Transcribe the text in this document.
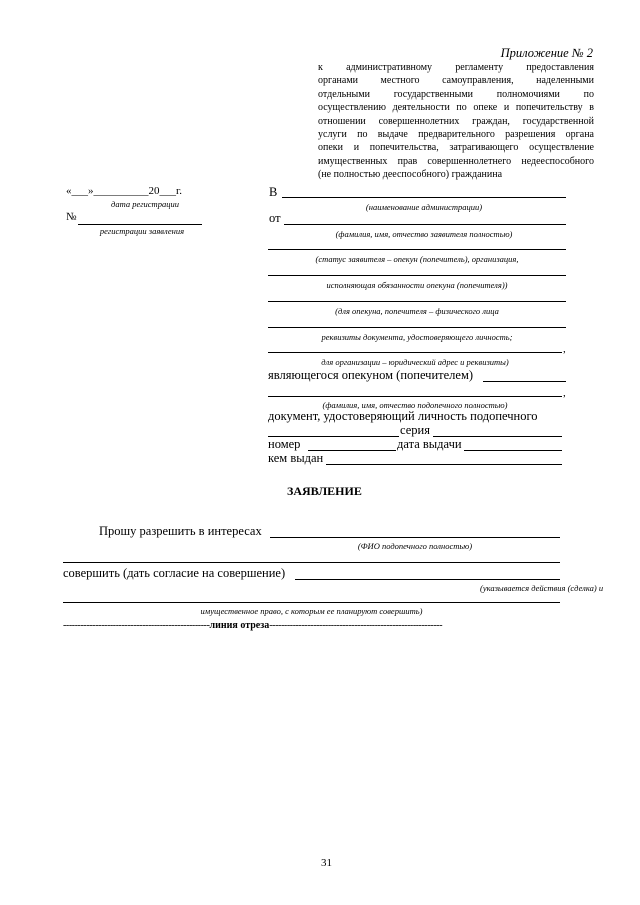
Приложение № 2
к административному регламенту предоставления
органами местного самоуправления, наделенными
отдельными государственными полномочиями по
осуществлению деятельности по опеке и попечительству в
отношении совершеннолетних граждан, государственной
услуги по выдаче предварительного разрешения органа
опеки и попечительства, затрагивающего осуществление
имущественных прав совершеннолетнего недееспособного
(не полностью дееспособного) гражданина
«___»__________20___г.
дата регистрации
№
регистрации заявления
В
(наименование администрации)
от
(фамилия, имя, отчество заявителя полностью)
(статус заявителя – опекун (попечитель), организация,
исполняющая обязанности опекуна (попечителя))
(для опекуна, попечителя – физического лица
реквизиты документа, удостоверяющего личность;
,
для организации – юридический адрес и реквизиты)
являющегося опекуном (попечителем)
,
(фамилия, имя, отчество подопечного полностью)
документ, удостоверяющий личность подопечного
серия
номер	дата выдачи
кем выдан
ЗАЯВЛЕНИЕ
Прошу разрешить в интересах
(ФИО подопечного полностью)
совершить (дать согласие на совершение)
(указывается действия (сделка) и
имущественное право, с которым ее планируют совершить)
--------------------------------------------------линия отреза-----------------------------------------------------------
31
